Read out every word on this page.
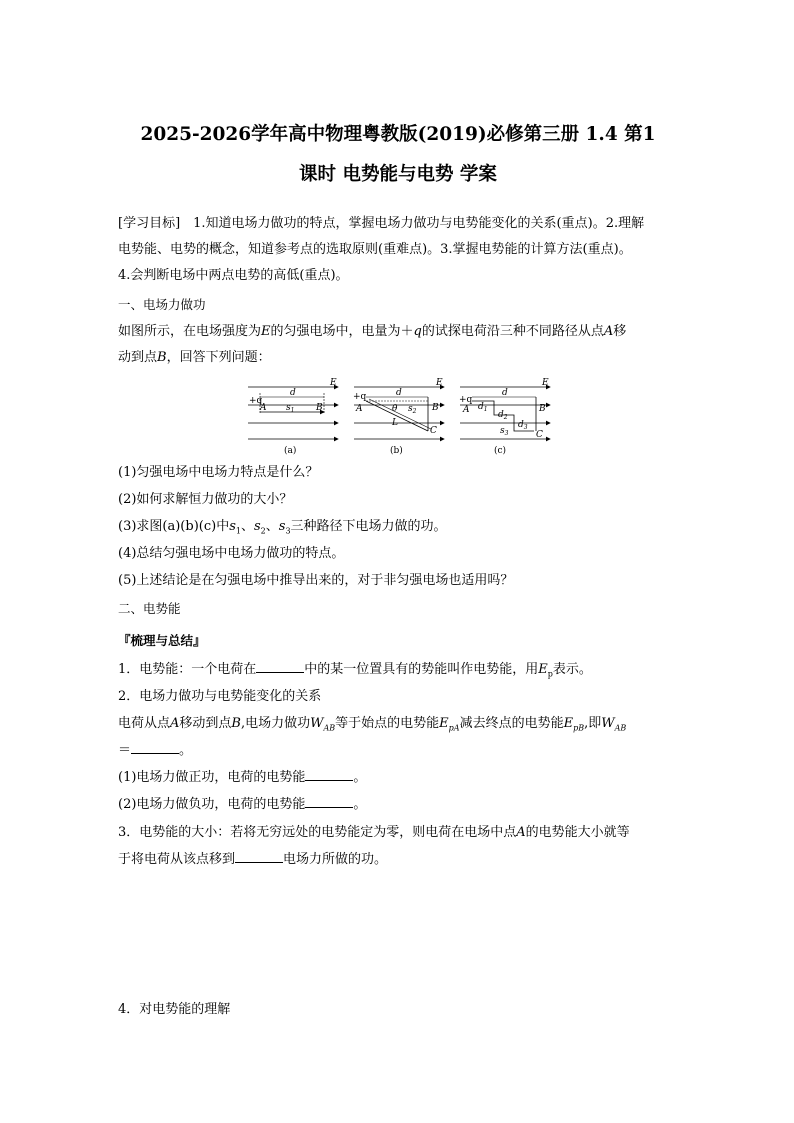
2025-2026学年高中物理粤教版(2019)必修第三册 1.4 第1
课时 电势能与电势 学案
[学习目标]　1.知道电场力做功的特点，掌握电场力做功与电势能变化的关系(重点)。2.理解
电势能、电势的概念，知道参考点的选取原则(重难点)。3.掌握电势能的计算方法(重点)。
4.会判断电场中两点电势的高低(重点)。
一、电场力做功
如图所示，在电场强度为E的匀强电场中，电量为＋q的试探电荷沿三种不同路径从点A移
动到点B，回答下列问题：
E
d
+q
A $s_1$ B
(a)
E
d
+q
A	θ $s_2$ B
L
C
(b)
E
d
+q
A $d_1$
$d_2$
$d_3$
$s_3$
B
C
(c)
(1)匀强电场中电场力特点是什么？
(2)如何求解恒力做功的大小？
(3)求图(a)(b)(c)中$s_1$、$s_2$、$s_3$三种路径下电场力做的功。
(4)总结匀强电场中电场力做功的特点。
(5)上述结论是在匀强电场中推导出来的，对于非匀强电场也适用吗？
二、电势能
『梳理与总结』
1．电势能：一个电荷在	中的某一位置具有的势能叫作电势能，用$E_p$表示。
2．电场力做功与电势能变化的关系
电荷从点A移动到点B,电场力做功$W_{AB}$等于始点的电势能$E_{pA}$减去终点的电势能$E_{pB}$,即$W_{AB}$
＝	。
(1)电场力做正功，电荷的电势能	。
(2)电场力做负功，电荷的电势能	。
3．电势能的大小：若将无穷远处的电势能定为零，则电荷在电场中点A的电势能大小就等
于将电荷从该点移到	电场力所做的功。
4．对电势能的理解
